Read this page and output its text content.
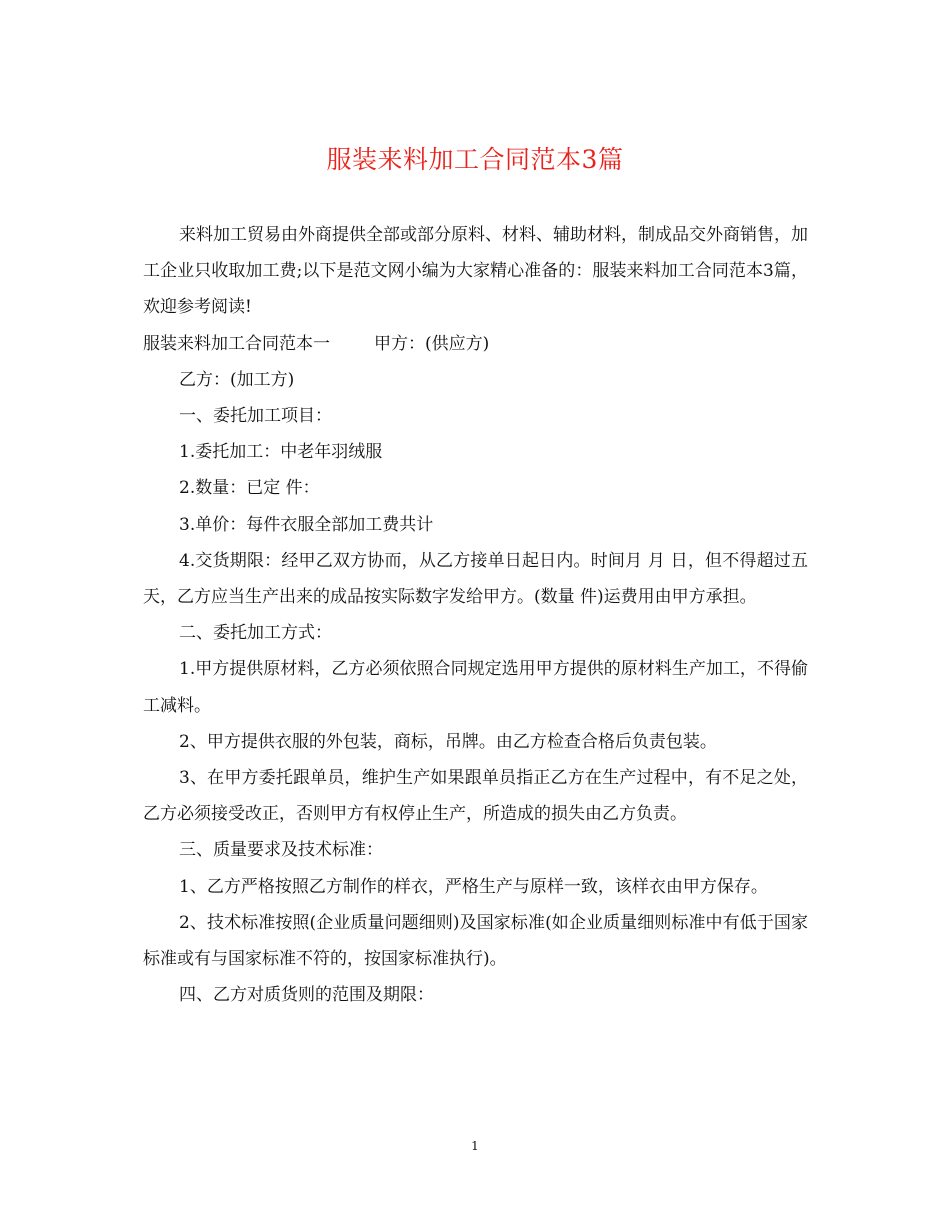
服装来料加工合同范本3篇

来料加工贸易由外商提供全部或部分原料、材料、辅助材料，制成品交外商销售，加工企业只收取加工费;以下是范文网小编为大家精心准备的：服装来料加工合同范本3篇，欢迎参考阅读!

服装来料加工合同范本一	甲方：(供应方)

乙方：(加工方)

一、委托加工项目：

1.委托加工：中老年羽绒服

2.数量：已定 件：

3.单价：每件衣服全部加工费共计

4.交货期限：经甲乙双方协而，从乙方接单日起日内。时间月 月 日，但不得超过五天，乙方应当生产出来的成品按实际数字发给甲方。(数量 件)运费用由甲方承担。

二、委托加工方式：

1.甲方提供原材料，乙方必须依照合同规定选用甲方提供的原材料生产加工，不得偷工减料。

2、甲方提供衣服的外包装，商标，吊牌。由乙方检查合格后负责包装。

3、在甲方委托跟单员，维护生产如果跟单员指正乙方在生产过程中，有不足之处，乙方必须接受改正，否则甲方有权停止生产，所造成的损失由乙方负责。

三、质量要求及技术标准：

1、乙方严格按照乙方制作的样衣，严格生产与原样一致，该样衣由甲方保存。

2、技术标准按照(企业质量问题细则)及国家标准(如企业质量细则标准中有低于国家标准或有与国家标准不符的，按国家标准执行)。

四、乙方对质货则的范围及期限：

1
